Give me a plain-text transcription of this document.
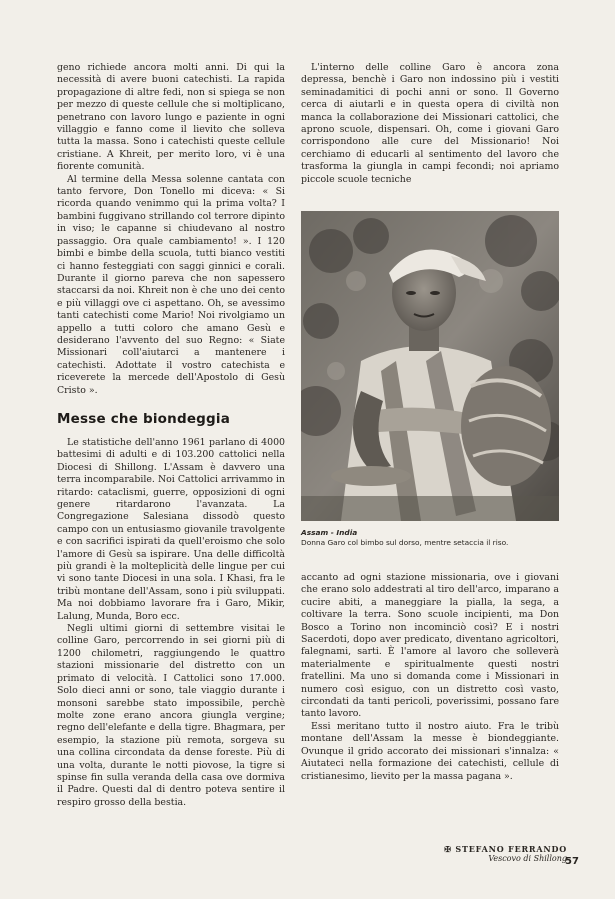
geno richiede ancora molti anni. Di qui la necessità di avere buoni catechisti. La rapida propagazione di altre fedi, non si spiega se non per mezzo di queste cellule che si moltiplicano, penetrano con lavoro lungo e paziente in ogni villaggio e fanno come il lievito che solleva tutta la massa. Sono i catechisti queste cellule cristiane. A Khreit, per merito loro, vi è una fiorente comunità.

Al termine della Messa solenne cantata con tanto fervore, Don Tonello mi diceva: « Si ricorda quando venimmo qui la prima volta? I bambini fuggivano strillando col terrore dipinto in viso; le capanne si chiudevano al nostro passaggio. Ora quale cambiamento! ». I 120 bimbi e bimbe della scuola, tutti bianco vestiti ci hanno festeggiati con saggi ginnici e corali. Durante il giorno pareva che non sapessero staccarsi da noi. Khreit non è che uno dei cento e più villaggi ove ci aspettano. Oh, se avessimo tanti catechisti come Mario! Noi rivolgiamo un appello a tutti coloro che amano Gesù e desiderano l'avvento del suo Regno: « Siate Missionari coll'aiutarci a mantenere i catechisti. Adottate il vostro catechista e riceverete la mercede dell'Apostolo di Gesù Cristo ».

Messe che biondeggia

Le statistiche dell'anno 1961 parlano di 4000 battesimi di adulti e di 103.200 cattolici nella Diocesi di Shillong. L'Assam è davvero una terra incomparabile. Noi Cattolici arrivammo in ritardo: cataclismi, guerre, opposizioni di ogni genere ritardarono l'avanzata. La Congregazione Salesiana dissodò questo campo con un entusiasmo giovanile travolgente e con sacrifici ispirati da quell'eroismo che solo l'amore di Gesù sa ispirare. Una delle difficoltà più grandi è la molteplicità delle lingue per cui vi sono tante Diocesi in una sola. I Khasi, fra le tribù montane dell'Assam, sono i più sviluppati. Ma noi dobbiamo lavorare fra i Garo, Mikir, Lalung, Munda, Boro ecc.

Negli ultimi giorni di settembre visitai le colline Garo, percorrendo in sei giorni più di 1200 chilometri, raggiungendo le quattro stazioni missionarie del distretto con un primato di velocità. I Cattolici sono 17.000. Solo dieci anni or sono, tale viaggio durante i monsoni sarebbe stato impossibile, perchè molte zone erano ancora giungla vergine; regno dell'elefante e della tigre. Bhagmara, per esempio, la stazione più remota, sorgeva su una collina circondata da dense foreste. Più di una volta, durante le notti piovose, la tigre si spinse fin sulla veranda della casa ove dormiva il Padre. Questi dal di dentro poteva sentire il respiro grosso della bestia.

L'interno delle colline Garo è ancora zona depressa, benchè i Garo non indossino più i vestiti seminadamitici di pochi anni or sono. Il Governo cerca di aiutarli e in questa opera di civiltà non manca la collaborazione dei Missionari cattolici, che aprono scuole, dispensari. Oh, come i giovani Garo corrispondono alle cure del Missionario! Noi cerchiamo di educarli al sentimento del lavoro che trasforma la giungla in campi fecondi; noi apriamo piccole scuole tecniche

Assam - India
Donna Garo col bimbo sul dorso, mentre setaccia il riso.

accanto ad ogni stazione missionaria, ove i giovani che erano solo addestrati al tiro dell'arco, imparano a cucire abiti, a maneggiare la pialla, la sega, a coltivare la terra. Sono scuole incipienti, ma Don Bosco a Torino non incominciò così? E i nostri Sacerdoti, dopo aver predicato, diventano agricoltori, falegnami, sarti. È l'amore al lavoro che solleverà materialmente e spiritualmente questi nostri fratellini. Ma uno si domanda come i Missionari in numero così esiguo, con un distretto così vasto, circondati da tanti pericoli, poverissimi, possano fare tanto lavoro.

Essi meritano tutto il nostro aiuto. Fra le tribù montane dell'Assam la messe è biondeggiante. Ovunque il grido accorato dei missionari s'innalza: « Aiutateci nella formazione dei catechisti, cellule di cristianesimo, lievito per la massa pagana ».

✠ STEFANO FERRANDO
Vescovo di Shillong
57
